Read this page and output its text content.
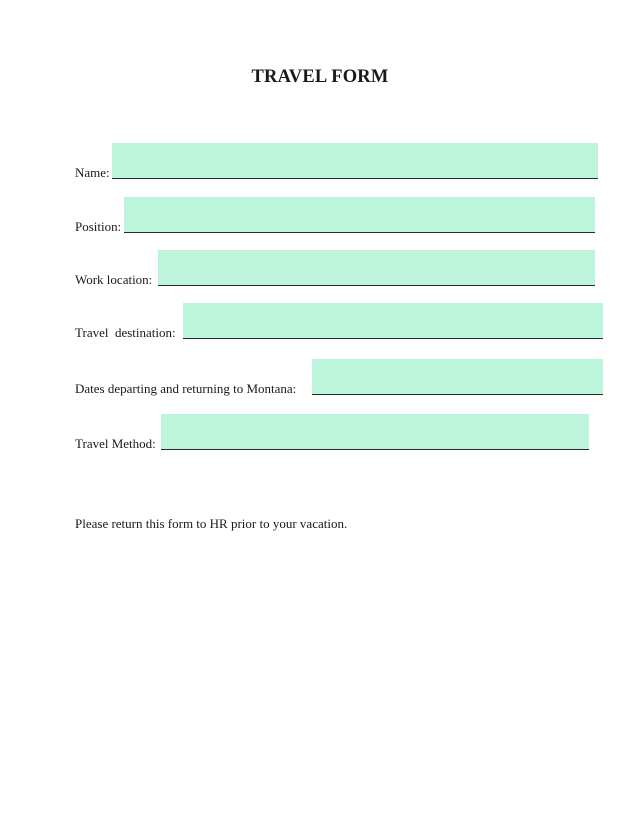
TRAVEL FORM
Name:
Position:
Work location:
Travel  destination:
Dates departing and returning to Montana:
Travel Method:
Please return this form to HR prior to your vacation.
